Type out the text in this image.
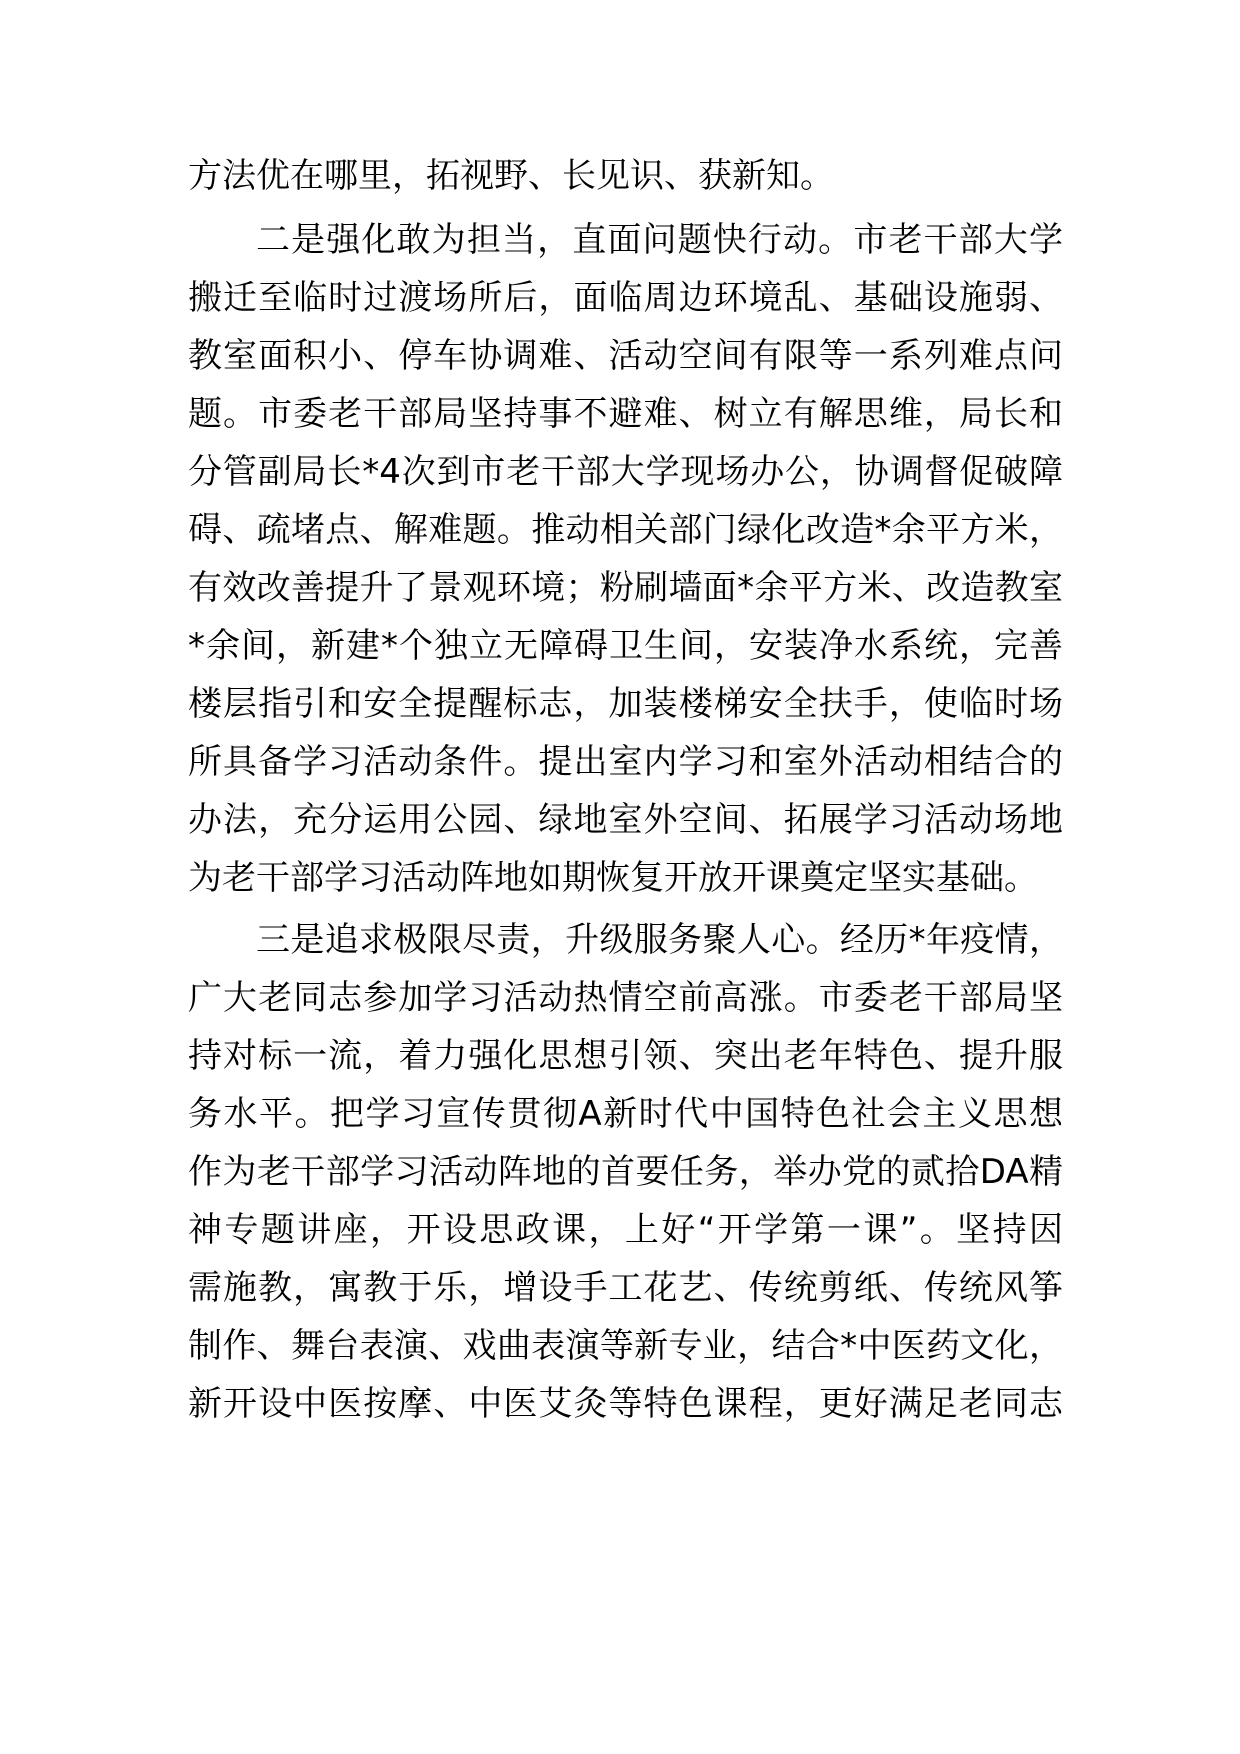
方法优在哪里，拓视野、长见识、获新知。
二是强化敢为担当，直面问题快行动。市老干部大学
搬迁至临时过渡场所后，面临周边环境乱、基础设施弱、
教室面积小、停车协调难、活动空间有限等一系列难点问
题。市委老干部局坚持事不避难、树立有解思维，局长和
分管副局长*4次到市老干部大学现场办公，协调督促破障
碍、疏堵点、解难题。推动相关部门绿化改造*余平方米，
有效改善提升了景观环境；粉刷墙面*余平方米、改造教室
*余间，新建*个独立无障碍卫生间，安装净水系统，完善
楼层指引和安全提醒标志，加装楼梯安全扶手，使临时场
所具备学习活动条件。提出室内学习和室外活动相结合的
办法，充分运用公园、绿地室外空间、拓展学习活动场地
为老干部学习活动阵地如期恢复开放开课奠定坚实基础。
三是追求极限尽责，升级服务聚人心。经历*年疫情，
广大老同志参加学习活动热情空前高涨。市委老干部局坚
持对标一流，着力强化思想引领、突出老年特色、提升服
务水平。把学习宣传贯彻A新时代中国特色社会主义思想
作为老干部学习活动阵地的首要任务，举办党的贰拾DA精
神专题讲座，开设思政课，上好“开学第一课”。坚持因
需施教，寓教于乐，增设手工花艺、传统剪纸、传统风筝
制作、舞台表演、戏曲表演等新专业，结合*中医药文化，
新开设中医按摩、中医艾灸等特色课程，更好满足老同志
